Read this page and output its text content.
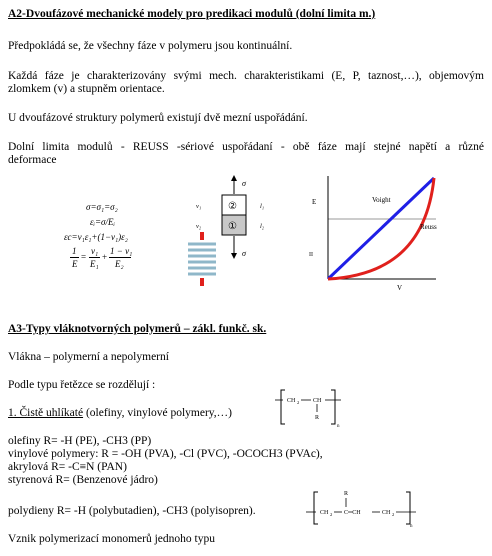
A2-Dvoufázové mechanické modely pro predikaci modulů (dolní limita m.)
Předpokládá se, že všechny fáze v polymeru jsou kontinuální.
Každá fáze je charakterizovány svými mech. charakteristikami (E, P, taznost,…), objemovým
zlomkem (v) a stupněm orientace.
U dvoufázové struktury polymerů existují dvě mezní uspořádání.
Dolní limita modulů - REUSS -sériové uspořádaní - obě fáze mají stejné napětí a různé
deformace
σ=σ₁=σ₂
εᵢ=σ/Eᵢ
εc=v₁ε₁+(1−v₁)ε₂
1
E
=
v₁
E₁
+
1 − v₁
E₂
σ
②
①
v₁
v₂
l₁
l₂
σ
E
II
Voight
Reuss
V
A3-Typy vláknotvorných polymerů – zákl. funkč. sk.
Vlákna – polymerní a nepolymerní
Podle typu řetězce se rozdělují :
1. Čistě uhlíkaté (olefiny, vinylové polymery,…)
olefiny R= -H (PE), -CH3 (PP)
vinylové polymery: R = -OH (PVA), -Cl (PVC), -OCOCH3 (PVAc),
akrylová R= -C≡N (PAN)
styrenová R= (Benzenové jádro)
polydieny R= -H (polybutadien), -CH3 (polyisopren).
Vznik polymerizací monomerů jednoho typu
CH 2 CH
R
n
CH 2 C═CH
R
CH 2
n
